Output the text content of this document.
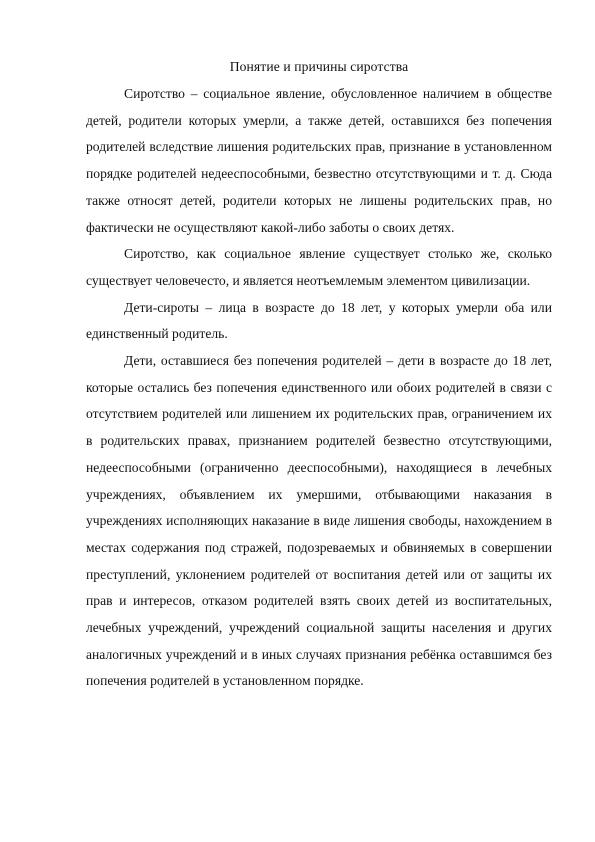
Понятие и причины сиротства

Сиротство – социальное явление, обусловленное наличием в обществе детей, родители которых умерли, а также детей, оставшихся без попечения родителей вследствие лишения родительских прав, признание в установленном порядке родителей недееспособными, безвестно отсутствующими и т. д. Сюда также относят детей, родители которых не лишены родительских прав, но фактически не осуществляют какой-либо заботы о своих детях.

Сиротство, как социальное явление существует столько же, сколько существует человечесто, и является неотъемлемым элементом цивилизации.

Дети-сироты – лица в возрасте до 18 лет, у которых умерли оба или единственный родитель.

Дети, оставшиеся без попечения родителей – дети в возрасте до 18 лет, которые остались без попечения единственного или обоих родителей в связи с отсутствием родителей или лишением их родительских прав, ограничением их в родительских правах, признанием родителей безвестно отсутствующими, недееспособными (ограниченно дееспособными), находящиеся в лечебных учреждениях, объявлением их умершими, отбывающими наказания в учреждениях исполняющих наказание в виде лишения свободы, нахождением в местах содержания под стражей, подозреваемых и обвиняемых в совершении преступлений, уклонением родителей от воспитания детей или от защиты их прав и интересов, отказом родителей взять своих детей из воспитательных, лечебных учреждений, учреждений социальной защиты населения и других аналогичных учреждений и в иных случаях признания ребёнка оставшимся без попечения родителей в установленном порядке.
